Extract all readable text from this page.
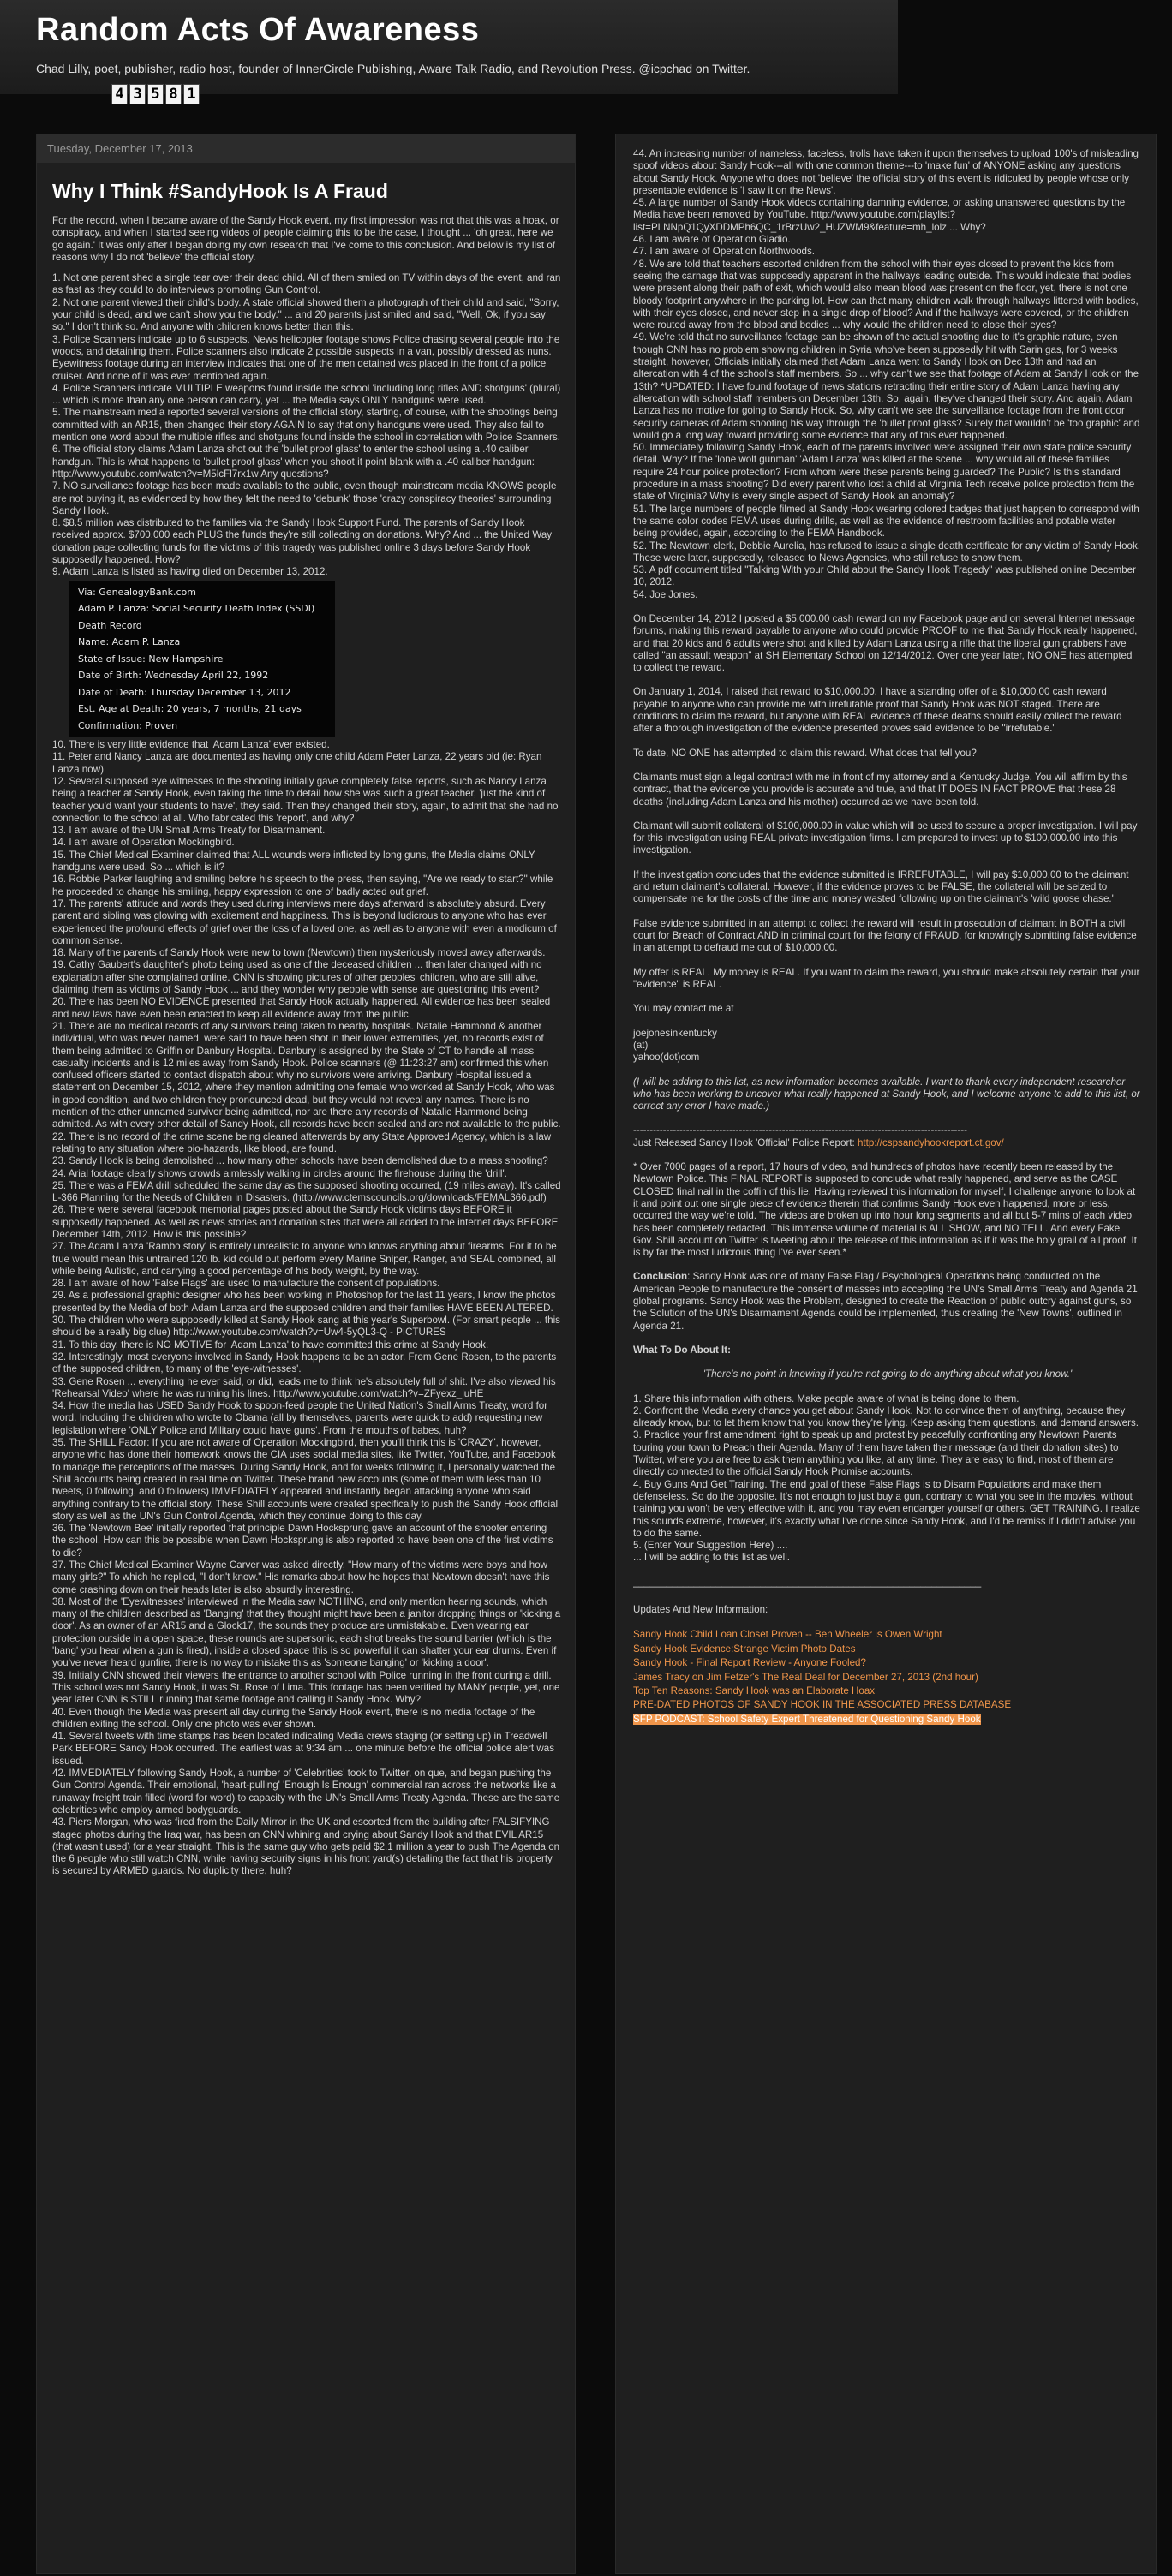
Random Acts Of Awareness

Chad Lilly, poet, publisher, radio host, founder of InnerCircle Publishing, Aware Talk Radio, and Revolution Press. @icpchad on Twitter.

4 3 5 8 1
Tuesday, December 17, 2013
Why I Think #SandyHook Is A Fraud

For the record, when I became aware of the Sandy Hook event, my first impression was not that this was a hoax, or conspiracy, and when I started seeing videos of people claiming this to be the case, I thought ... 'oh great, here we go again.' It was only after I began doing my own research that I've come to this conclusion. And below is my list of reasons why I do not 'believe' the official story.

1. Not one parent shed a single tear over their dead child. All of them smiled on TV within days of the event, and ran as fast as they could to do interviews promoting Gun Control.
2. Not one parent viewed their child's body. A state official showed them a photograph of their child and said, "Sorry, your child is dead, and we can't show you the body." ... and 20 parents just smiled and said, "Well, Ok, if you say so." I don't think so. And anyone with children knows better than this.
3. Police Scanners indicate up to 6 suspects. News helicopter footage shows Police chasing several people into the woods, and detaining them. Police scanners also indicate 2 possible suspects in a van, possibly dressed as nuns. Eyewitness footage during an interview indicates that one of the men detained was placed in the front of a police cruiser. And none of it was ever mentioned again.
4. Police Scanners indicate MULTIPLE weapons found inside the school 'including long rifles AND shotguns' (plural) ... which is more than any one person can carry, yet ... the Media says ONLY handguns were used.
5. The mainstream media reported several versions of the official story, starting, of course, with the shootings being committed with an AR15, then changed their story AGAIN to say that only handguns were used. They also fail to mention one word about the multiple rifles and shotguns found inside the school in correlation with Police Scanners.
6. The official story claims Adam Lanza shot out the 'bullet proof glass' to enter the school using a .40 caliber handgun. This is what happens to 'bullet proof glass' when you shoot it point blank with a .40 caliber handgun: http://www.youtube.com/watch?v=M5lcFl7rx1w Any questions?
7. NO surveillance footage has been made available to the public, even though mainstream media KNOWS people are not buying it, as evidenced by how they felt the need to 'debunk' those 'crazy conspiracy theories' surrounding Sandy Hook.
8. $8.5 million was distributed to the families via the Sandy Hook Support Fund. The parents of Sandy Hook received approx. $700,000 each PLUS the funds they're still collecting on donations. Why? And ... the United Way donation page collecting funds for the victims of this tragedy was published online 3 days before Sandy Hook supposedly happened. How?
9. Adam Lanza is listed as having died on December 13, 2012.
Via: GenealogyBank.com
Adam P. Lanza: Social Security Death Index (SSDI) Death Record
Name: Adam P. Lanza
State of Issue: New Hampshire
Date of Birth: Wednesday April 22, 1992
Date of Death: Thursday December 13, 2012
Est. Age at Death: 20 years, 7 months, 21 days
Confirmation: Proven
10. There is very little evidence that 'Adam Lanza' ever existed.
11. Peter and Nancy Lanza are documented as having only one child Adam Peter Lanza, 22 years old (ie: Ryan Lanza now)
12. Several supposed eye witnesses to the shooting initially gave completely false reports, such as Nancy Lanza being a teacher at Sandy Hook, even taking the time to detail how she was such a great teacher, 'just the kind of teacher you'd want your students to have', they said. Then they changed their story, again, to admit that she had no connection to the school at all. Who fabricated this 'report', and why?
13. I am aware of the UN Small Arms Treaty for Disarmament.
14. I am aware of Operation Mockingbird.
15. The Chief Medical Examiner claimed that ALL wounds were inflicted by long guns, the Media claims ONLY handguns were used. So ... which is it?
16. Robbie Parker laughing and smiling before his speech to the press, then saying, "Are we ready to start?" while he proceeded to change his smiling, happy expression to one of badly acted out grief.
17. The parents' attitude and words they used during interviews mere days afterward is absolutely absurd. Every parent and sibling was glowing with excitement and happiness. This is beyond ludicrous to anyone who has ever experienced the profound effects of grief over the loss of a loved one, as well as to anyone with even a modicum of common sense.
18. Many of the parents of Sandy Hook were new to town (Newtown) then mysteriously moved away afterwards.
19. Cathy Gaubert's daughter's photo being used as one of the deceased children ... then later changed with no explanation after she complained online. CNN is showing pictures of other peoples' children, who are still alive, claiming them as victims of Sandy Hook ... and they wonder why people with sense are questioning this event?
20. There has been NO EVIDENCE presented that Sandy Hook actually happened. All evidence has been sealed and new laws have even been enacted to keep all evidence away from the public.
21. There are no medical records of any survivors being taken to nearby hospitals. Natalie Hammond & another individual, who was never named, were said to have been shot in their lower extremities, yet, no records exist of them being admitted to Griffin or Danbury Hospital. Danbury is assigned by the State of CT to handle all mass casualty incidents and is 12 miles away from Sandy Hook. Police scanners (@ 11:23:27 am) confirmed this when confused officers started to contact dispatch about why no survivors were arriving. Danbury Hospital issued a statement on December 15, 2012, where they mention admitting one female who worked at Sandy Hook, who was in good condition, and two children they pronounced dead, but they would not reveal any names. There is no mention of the other unnamed survivor being admitted, nor are there any records of Natalie Hammond being admitted. As with every other detail of Sandy Hook, all records have been sealed and are not available to the public.
22. There is no record of the crime scene being cleaned afterwards by any State Approved Agency, which is a law relating to any situation where bio-hazards, like blood, are found.
23. Sandy Hook is being demolished ... how many other schools have been demolished due to a mass shooting?
24. Arial footage clearly shows crowds aimlessly walking in circles around the firehouse during the 'drill'.
25. There was a FEMA drill scheduled the same day as the supposed shooting occurred, (19 miles away). It's called L-366 Planning for the Needs of Children in Disasters. (http://www.ctemscouncils.org/downloads/FEMAL366.pdf)
26. There were several facebook memorial pages posted about the Sandy Hook victims days BEFORE it supposedly happened. As well as news stories and donation sites that were all added to the internet days BEFORE December 14th, 2012. How is this possible?
27. The Adam Lanza 'Rambo story' is entirely unrealistic to anyone who knows anything about firearms. For it to be true would mean this untrained 120 lb. kid could out perform every Marine Sniper, Ranger, and SEAL combined, all while being Autistic, and carrying a good percentage of his body weight, by the way.
28. I am aware of how 'False Flags' are used to manufacture the consent of populations.
29. As a professional graphic designer who has been working in Photoshop for the last 11 years, I know the photos presented by the Media of both Adam Lanza and the supposed children and their families HAVE BEEN ALTERED.
30. The children who were supposedly killed at Sandy Hook sang at this year's Superbowl. (For smart people ... this should be a really big clue) http://www.youtube.com/watch?v=Uw4-5yQL3-Q - PICTURES
31. To this day, there is NO MOTIVE for 'Adam Lanza' to have committed this crime at Sandy Hook.
32. Interestingly, most everyone involved in Sandy Hook happens to be an actor. From Gene Rosen, to the parents of the supposed children, to many of the 'eye-witnesses'.
33. Gene Rosen ... everything he ever said, or did, leads me to think he's absolutely full of shit. I've also viewed his 'Rehearsal Video' where he was running his lines. http://www.youtube.com/watch?v=ZFyexz_luHE
34. How the media has USED Sandy Hook to spoon-feed people the United Nation's Small Arms Treaty, word for word. Including the children who wrote to Obama (all by themselves, parents were quick to add) requesting new legislation where 'ONLY Police and Military could have guns'. From the mouths of babes, huh?
35. The SHILL Factor: If you are not aware of Operation Mockingbird, then you'll think this is 'CRAZY', however, anyone who has done their homework knows the CIA uses social media sites, like Twitter, YouTube, and Facebook to manage the perceptions of the masses. During Sandy Hook, and for weeks following it, I personally watched the Shill accounts being created in real time on Twitter. These brand new accounts (some of them with less than 10 tweets, 0 following, and 0 followers) IMMEDIATELY appeared and instantly began attacking anyone who said anything contrary to the official story. These Shill accounts were created specifically to push the Sandy Hook official story as well as the UN's Gun Control Agenda, which they continue doing to this day.
36. The 'Newtown Bee' initially reported that principle Dawn Hocksprung gave an account of the shooter entering the school. How can this be possible when Dawn Hocksprung is also reported to have been one of the first victims to die?
37. The Chief Medical Examiner Wayne Carver was asked directly, "How many of the victims were boys and how many girls?" To which he replied, "I don't know." His remarks about how he hopes that Newtown doesn't have this come crashing down on their heads later is also absurdly interesting.
38. Most of the 'Eyewitnesses' interviewed in the Media saw NOTHING, and only mention hearing sounds, which many of the children described as 'Banging' that they thought might have been a janitor dropping things or 'kicking a door'. As an owner of an AR15 and a Glock17, the sounds they produce are unmistakable. Even wearing ear protection outside in a open space, these rounds are supersonic, each shot breaks the sound barrier (which is the 'bang' you hear when a gun is fired), inside a closed space this is so powerful it can shatter your ear drums. Even if you've never heard gunfire, there is no way to mistake this as 'someone banging' or 'kicking a door'.
39. Initially CNN showed their viewers the entrance to another school with Police running in the front during a drill. This school was not Sandy Hook, it was St. Rose of Lima. This footage has been verified by MANY people, yet, one year later CNN is STILL running that same footage and calling it Sandy Hook. Why?
40. Even though the Media was present all day during the Sandy Hook event, there is no media footage of the children exiting the school. Only one photo was ever shown.
41. Several tweets with time stamps has been located indicating Media crews staging (or setting up) in Treadwell Park BEFORE Sandy Hook occurred. The earliest was at 9:34 am ... one minute before the official police alert was issued.
42. IMMEDIATELY following Sandy Hook, a number of 'Celebrities' took to Twitter, on que, and began pushing the Gun Control Agenda. Their emotional, 'heart-pulling' 'Enough Is Enough' commercial ran across the networks like a runaway freight train filled (word for word) to capacity with the UN's Small Arms Treaty Agenda. These are the same celebrities who employ armed bodyguards.
43. Piers Morgan, who was fired from the Daily Mirror in the UK and escorted from the building after FALSIFYING staged photos during the Iraq war, has been on CNN whining and crying about Sandy Hook and that EVIL AR15 (that wasn't used) for a year straight. This is the same guy who gets paid $2.1 million a year to push The Agenda on the 6 people who still watch CNN, while having security signs in his front yard(s) detailing the fact that his property is secured by ARMED guards. No duplicity there, huh?
44. An increasing number of nameless, faceless, trolls have taken it upon themselves to upload 100's of misleading spoof videos about Sandy Hook---all with one common theme---to 'make fun' of ANYONE asking any questions about Sandy Hook. Anyone who does not 'believe' the official story of this event is ridiculed by people whose only presentable evidence is 'I saw it on the News'.
45. A large number of Sandy Hook videos containing damning evidence, or asking unanswered questions by the Media have been removed by YouTube. http://www.youtube.com/playlist?list=PLNNpQ1QyXDDMPh6QC_1rBrzUw2_HUZWM9&feature=mh_lolz ... Why?
46. I am aware of Operation Gladio.
47. I am aware of Operation Northwoods.
48. We are told that teachers escorted children from the school with their eyes closed to prevent the kids from seeing the carnage that was supposedly apparent in the hallways leading outside. This would indicate that bodies were present along their path of exit, which would also mean blood was present on the floor, yet, there is not one bloody footprint anywhere in the parking lot. How can that many children walk through hallways littered with bodies, with their eyes closed, and never step in a single drop of blood? And if the hallways were covered, or the children were routed away from the blood and bodies ... why would the children need to close their eyes?
49. We're told that no surveillance footage can be shown of the actual shooting due to it's graphic nature, even though CNN has no problem showing children in Syria who've been supposedly hit with Sarin gas, for 3 weeks straight, however, Officials initially claimed that Adam Lanza went to Sandy Hook on Dec 13th and had an altercation with 4 of the school's staff members. So ... why can't we see that footage of Adam at Sandy Hook on the 13th? *UPDATED: I have found footage of news stations retracting their entire story of Adam Lanza having any altercation with school staff members on December 13th. So, again, they've changed their story. And again, Adam Lanza has no motive for going to Sandy Hook. So, why can't we see the surveillance footage from the front door security cameras of Adam shooting his way through the 'bullet proof glass? Surely that wouldn't be 'too graphic' and would go a long way toward providing some evidence that any of this ever happened.
50. Immediately following Sandy Hook, each of the parents involved were assigned their own state police security detail. Why? If the 'lone wolf gunman' 'Adam Lanza' was killed at the scene ... why would all of these families require 24 hour police protection? From whom were these parents being guarded? The Public? Is this standard procedure in a mass shooting? Did every parent who lost a child at Virginia Tech receive police protection from the state of Virginia? Why is every single aspect of Sandy Hook an anomaly?
51. The large numbers of people filmed at Sandy Hook wearing colored badges that just happen to correspond with the same color codes FEMA uses during drills, as well as the evidence of restroom facilities and potable water being provided, again, according to the FEMA Handbook.
52. The Newtown clerk, Debbie Aurelia, has refused to issue a single death certificate for any victim of Sandy Hook. These were later, supposedly, released to News Agencies, who still refuse to show them.
53. A pdf document titled "Talking With your Child about the Sandy Hook Tragedy" was published online December 10, 2012.
54. Joe Jones.

On December 14, 2012 I posted a $5,000.00 cash reward on my Facebook page and on several Internet message forums, making this reward payable to anyone who could provide PROOF to me that Sandy Hook really happened, and that 20 kids and 6 adults were shot and killed by Adam Lanza using a rifle that the liberal gun grabbers have called "an assault weapon" at SH Elementary School on 12/14/2012. Over one year later, NO ONE has attempted to collect the reward.

On January 1, 2014, I raised that reward to $10,000.00. I have a standing offer of a $10,000.00 cash reward payable to anyone who can provide me with irrefutable proof that Sandy Hook was NOT staged. There are conditions to claim the reward, but anyone with REAL evidence of these deaths should easily collect the reward after a thorough investigation of the evidence presented proves said evidence to be "irrefutable."

To date, NO ONE has attempted to claim this reward. What does that tell you?

Claimants must sign a legal contract with me in front of my attorney and a Kentucky Judge. You will affirm by this contract, that the evidence you provide is accurate and true, and that IT DOES IN FACT PROVE that these 28 deaths (including Adam Lanza and his mother) occurred as we have been told.

Claimant will submit collateral of $100,000.00 in value which will be used to secure a proper investigation. I will pay for this investigation using REAL private investigation firms. I am prepared to invest up to $100,000.00 into this investigation.

If the investigation concludes that the evidence submitted is IRREFUTABLE, I will pay $10,000.00 to the claimant and return claimant's collateral. However, if the evidence proves to be FALSE, the collateral will be seized to compensate me for the costs of the time and money wasted following up on the claimant's 'wild goose chase.'

False evidence submitted in an attempt to collect the reward will result in prosecution of claimant in BOTH a civil court for Breach of Contract AND in criminal court for the felony of FRAUD, for knowingly submitting false evidence in an attempt to defraud me out of $10,000.00.

My offer is REAL. My money is REAL. If you want to claim the reward, you should make absolutely certain that your "evidence" is REAL.

You may contact me at

joejonesinkentucky
(at)
yahoo(dot)com

(I will be adding to this list, as new information becomes available. I want to thank every independent researcher who has been working to uncover what really happened at Sandy Hook, and I welcome anyone to add to this list, or correct any error I have made.)

-----------------------------------------------------------------------------------------------------

Just Released Sandy Hook 'Official' Police Report: http://cspsandyhookreport.ct.gov/

* Over 7000 pages of a report, 17 hours of video, and hundreds of photos have recently been released by the Newtown Police. This FINAL REPORT is supposed to conclude what really happened, and serve as the CASE CLOSED final nail in the coffin of this lie. Having reviewed this information for myself, I challenge anyone to look at it and point out one single piece of evidence therein that confirms Sandy Hook even happened, more or less, occurred the way we're told. The videos are broken up into hour long segments and all but 5-7 mins of each video has been completely redacted. This immense volume of material is ALL SHOW, and NO TELL. And every Fake Gov. Shill account on Twitter is tweeting about the release of this information as if it was the holy grail of all proof. It is by far the most ludicrous thing I've ever seen.*

Conclusion: Sandy Hook was one of many False Flag / Psychological Operations being conducted on the American People to manufacture the consent of masses into accepting the UN's Small Arms Treaty and Agenda 21 global programs. Sandy Hook was the Problem, designed to create the Reaction of public outcry against guns, so the Solution of the UN's Disarmament Agenda could be implemented, thus creating the 'New Towns', outlined in Agenda 21.

What To Do About It:

'There's no point in knowing if you're not going to do anything about what you know.'

1. Share this information with others. Make people aware of what is being done to them.
2. Confront the Media every chance you get about Sandy Hook. Not to convince them of anything, because they already know, but to let them know that you know they're lying. Keep asking them questions, and demand answers.
3. Practice your first amendment right to speak up and protest by peacefully confronting any Newtown Parents touring your town to Preach their Agenda. Many of them have taken their message (and their donation sites) to Twitter, where you are free to ask them anything you like, at any time. They are easy to find, most of them are directly connected to the official Sandy Hook Promise accounts.
4. Buy Guns And Get Training. The end goal of these False Flags is to Disarm Populations and make them defenseless. So do the opposite. It's not enough to just buy a gun, contrary to what you see in the movies, without training you won't be very effective with it, and you may even endanger yourself or others. GET TRAINING. I realize this sounds extreme, however, it's exactly what I've done since Sandy Hook, and I'd be remiss if I didn't advise you to do the same.
5. (Enter Your Suggestion Here) ....
... I will be adding to this list as well.
_______________________________________________________________

Updates And New Information:

Sandy Hook Child Loan Closet Proven -- Ben Wheeler is Owen Wright
Sandy Hook Evidence:Strange Victim Photo Dates
Sandy Hook - Final Report Review - Anyone Fooled?
James Tracy on Jim Fetzer's The Real Deal for December 27, 2013 (2nd hour)
Top Ten Reasons: Sandy Hook was an Elaborate Hoax
PRE-DATED PHOTOS OF SANDY HOOK IN THE ASSOCIATED PRESS DATABASE
SFP PODCAST: School Safety Expert Threatened for Questioning Sandy Hook
